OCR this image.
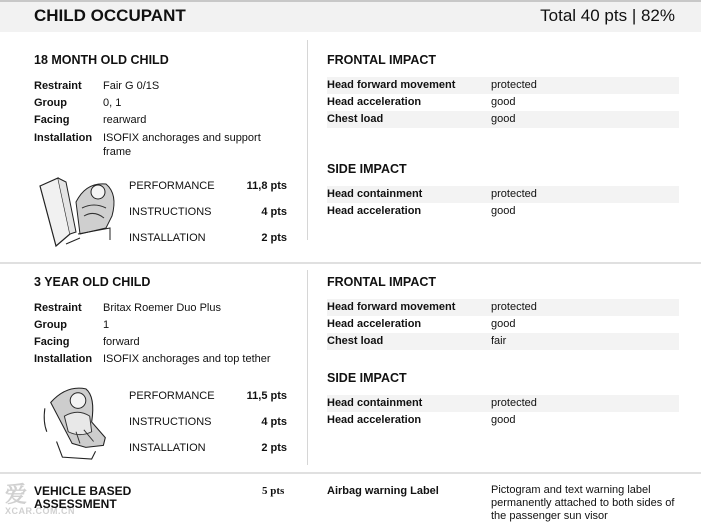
CHILD OCCUPANT	Total 40 pts | 82%
18 MONTH OLD CHILD
Restraint	Fair G 0/1S
Group	0, 1
Facing	rearward
Installation ISOFIX anchorages and support frame
PERFORMANCE	11,8 pts
INSTRUCTIONS	4 pts
INSTALLATION	2 pts
FRONTAL IMPACT
Head forward movement	protected
Head acceleration	good
Chest load	good
SIDE IMPACT
Head containment	protected
Head acceleration	good
3 YEAR OLD CHILD
Restraint	Britax Roemer Duo Plus
Group	1
Facing	forward
Installation ISOFIX anchorages and top tether
PERFORMANCE	11,5 pts
INSTRUCTIONS	4 pts
INSTALLATION	2 pts
FRONTAL IMPACT
Head forward movement	protected
Head acceleration	good
Chest load	fair
SIDE IMPACT
Head containment	protected
Head acceleration	good
爱
XCAR.COM.CN
VEHICLE BASED ASSESSMENT
5 pts	Airbag warning Label	Pictogram and text warning label permanently attached to both sides of the passenger sun visor
